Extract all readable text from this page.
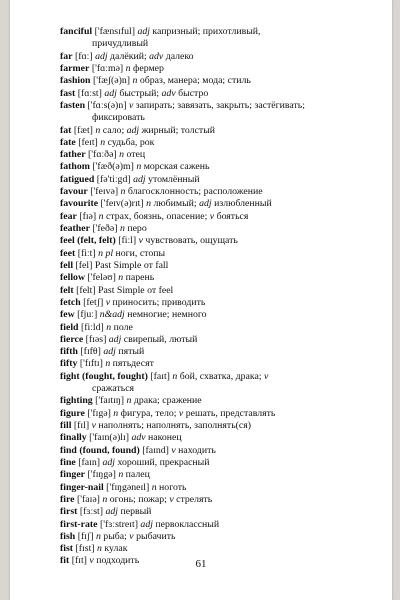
fanciful ['fænsɪful] adj капризный; прихотливый,
причудливый
far [fɑː] adj далёкий; adv далеко
farmer ['fɑːmə] n фермер
fashion ['fæʃ(ə)n] n образ, манера; мода; стиль
fast [fɑːst] adj быстрый; adv быстро
fasten ['fɑːs(ə)n] v запирать; завязать, закрыть; застёгивать;
фиксировать
fat [fæt] n сало; adj жирный; толстый
fate [feɪt] n судьба, рок
father ['fɑːðə] n отец
fathom ['fæð(ə)m] n морская сажень
fatigued [fə'tiːgd] adj утомлённый
favour ['feɪvə] n благосклонность; расположение
favourite ['feɪv(ə)rɪt] n любимый; adj излюбленный
fear [fɪə] n страх, боязнь, опасение; v бояться
feather ['feðə] n перо
feel (felt, felt) [fiːl] v чувствовать, ощущать
feet [fiːt] n pl ноги, стопы
fell [fel] Past Simple от fall
fellow ['feləʊ] n парень
felt [felt] Past Simple от feel
fetch [fetʃ] v приносить; приводить
few [fjuː] n&adj немногие; немного
field [fiːld] n поле
fierce [fɪəs] adj свирепый, лютый
fifth [fɪfθ] adj пятый
fifty ['fɪftɪ] n пятьдесят
fight (fought, fought) [faɪt] n бой, схватка, драка; v
сражаться
fighting ['faɪtɪŋ] n драка; сражение
figure ['fɪgə] n фигура, тело; v решать, представлять
fill [fɪl] v наполнять; наполнять, заполнять(ся)
finally ['faɪn(ə)lɪ] adv наконец
find (found, found) [faɪnd] v находить
fine [faɪn] adj хороший, прекрасный
finger ['fɪŋgə] n палец
finger-nail ['fɪŋgəneɪl] n ноготь
fire ['faɪə] n огонь; пожар; v стрелять
first [fɜːst] adj первый
first-rate ['fɜːstreɪt] adj первоклассный
fish [fɪʃ] n рыба; v рыбачить
fist [fɪst] n кулак
fit [fɪt] v подходить	61
